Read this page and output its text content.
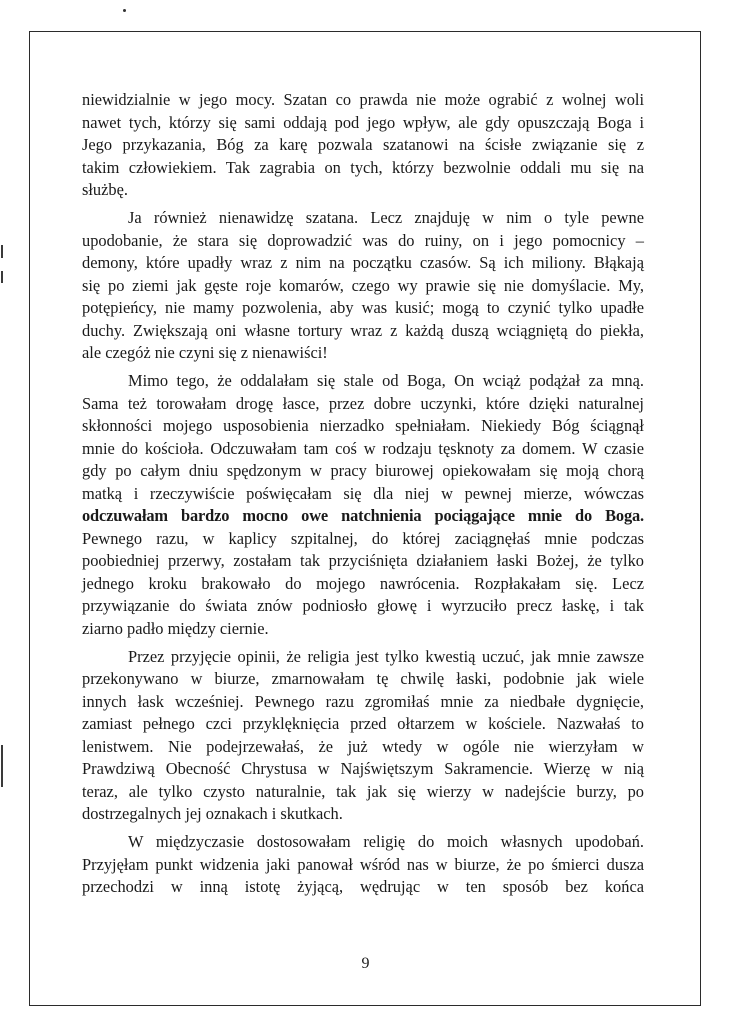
niewidzialnie w jego mocy. Szatan co prawda nie może ograbić z wolnej woli
nawet tych, którzy się sami oddają pod jego wpływ, ale gdy opuszczają Boga i
Jego przykazania, Bóg za karę pozwala szatanowi na ścisłe związanie się z
takim człowiekiem. Tak zagrabia on tych, którzy bezwolnie oddali mu się na
służbę.
Ja również nienawidzę szatana. Lecz znajduję w nim o tyle pewne
upodobanie, że stara się doprowadzić was do ruiny, on i jego pomocnicy –
demony, które upadły wraz z nim na początku czasów. Są ich miliony. Błąkają
się po ziemi jak gęste roje komarów, czego wy prawie się nie domyślacie. My,
potępieńcy, nie mamy pozwolenia, aby was kusić; mogą to czynić tylko upadłe
duchy. Zwiększają oni własne tortury wraz z każdą duszą wciągniętą do piekła,
ale czegóż nie czyni się z nienawiści!
Mimo tego, że oddalałam się stale od Boga, On wciąż podążał za mną.
Sama też torowałam drogę łasce, przez dobre uczynki, które dzięki naturalnej
skłonności mojego usposobienia nierzadko spełniałam. Niekiedy Bóg ściągnął
mnie do kościoła. Odczuwałam tam coś w rodzaju tęsknoty za domem. W czasie
gdy po całym dniu spędzonym w pracy biurowej opiekowałam się moją chorą
matką i rzeczywiście poświęcałam się dla niej w pewnej mierze, wówczas
odczuwałam bardzo mocno owe natchnienia pociągające mnie do Boga.
Pewnego razu, w kaplicy szpitalnej, do której zaciągnęłaś mnie podczas
poobiedniej przerwy, zostałam tak przyciśnięta działaniem łaski Bożej, że tylko
jednego kroku brakowało do mojego nawrócenia. Rozpłakałam się. Lecz
przywiązanie do świata znów podniosło głowę i wyrzuciło precz łaskę, i tak
ziarno padło między ciernie.
Przez przyjęcie opinii, że religia jest tylko kwestią uczuć, jak mnie zawsze
przekonywano w biurze, zmarnowałam tę chwilę łaski, podobnie jak wiele
innych łask wcześniej. Pewnego razu zgromiłaś mnie za niedbałe dygnięcie,
zamiast pełnego czci przyklęknięcia przed ołtarzem w kościele. Nazwałaś to
lenistwem. Nie podejrzewałaś, że już wtedy w ogóle nie wierzyłam w
Prawdziwą Obecność Chrystusa w Najświętszym Sakramencie. Wierzę w nią
teraz, ale tylko czysto naturalnie, tak jak się wierzy w nadejście burzy, po
dostrzegalnych jej oznakach i skutkach.
W międzyczasie dostosowałam religię do moich własnych upodobań.
Przyjęłam punkt widzenia jaki panował wśród nas w biurze, że po śmierci dusza
przechodzi w inną istotę żyjącą, wędrując w ten sposób bez końca
9
